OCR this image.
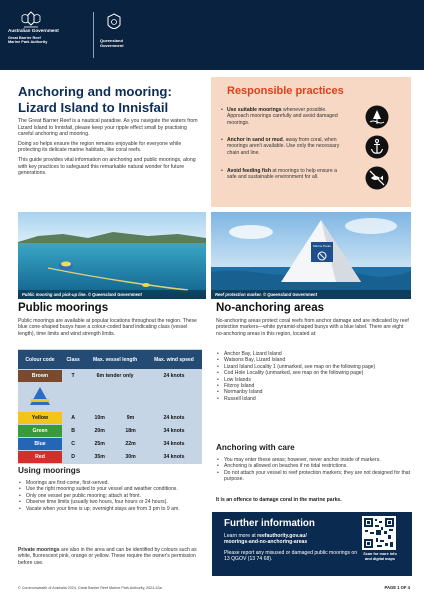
Australian Government
Great Barrier Reef
Marine Park Authority	Queensland
Government
Anchoring and mooring:
Lizard Island to Innisfail

The Great Barrier Reef is a nautical paradise. As you navigate the waters from Lizard Island to Innisfail, please keep your ripple effect small by practising careful anchoring and mooring.

Doing so helps ensure the region remains enjoyable for everyone while protecting its delicate marine habitats, like coral reefs.

This guide provides vital information on anchoring and public moorings, along with key practices to safeguard this remarkable natural wonder for future generations.

Responsible practices
• Use suitable moorings whenever possible. Approach moorings carefully and avoid damaged moorings.
• Anchor in sand or mud, away from coral, when moorings aren't available. Use only the necessary chain and line.
• Avoid feeding fish at moorings to help ensure a safe and sustainable environment for all.
Public mooring and pick-up line. © Queensland Government
Marine Parks
Reef protection marker. © Queensland Government
Public moorings
Public moorings are available at popular locations throughout the region. These blue cone-shaped buoys have a colour-coded band indicating class (vessel length), time limits and wind strength limits.
Colour code	Class	Max. vessel length		Max. wind speed
Brown	T	6m tender only		24 knots

Yellow	A	10m	9m	24 knots
Green	B	20m	18m	34 knots
Blue	C	25m	22m	34 knots
Red	D	35m	30m	34 knots
Using moorings
• Moorings are first-come, first-served.
• Use the right mooring suited to your vessel and weather conditions.
• Only one vessel per public mooring; attach at front.
• Observe time limits (usually two hours, four hours or 24 hours).
• Vacate when your time is up; overnight stays are from 3 pm to 9 am.
Private moorings are also in the area and can be identified by colours such as white, fluorescent pink, orange or yellow. These require the owner's permission before use.
No-anchoring areas
No-anchoring areas protect coral reefs from anchor damage and are indicated by reef protection markers—white pyramid-shaped buoys with a blue label. There are eight no-anchoring areas in this region, located at:
• Anchor Bay, Lizard Island
• Watsons Bay, Lizard Island
• Lizard Island Locality 1 (unmarked, see map on the following page)
• Cod Hole Locality (unmarked, see map on the following page)
• Low Islands
• Fitzroy Island
• Normanby Island
• Russell Island
Anchoring with care
• You may enter these areas; however, never anchor inside of markers.
• Anchoring is allowed on beaches if no tidal restrictions.
• Do not attach your vessel to reef protection markers; they are not designed for that purpose.
It is an offence to damage coral in the marine parks.
Further information
Learn more at reefauthority.gov.au/
moorings-and-no-anchoring-areas
Please report any misused or damaged public moorings on 13 QGOV (13 74 68).
Scan for more info and digital maps
© Commonwealth of Australia 2024, Great Barrier Reef Marine Park Authority, 2024-43a.	PAGE 1 OF 4
